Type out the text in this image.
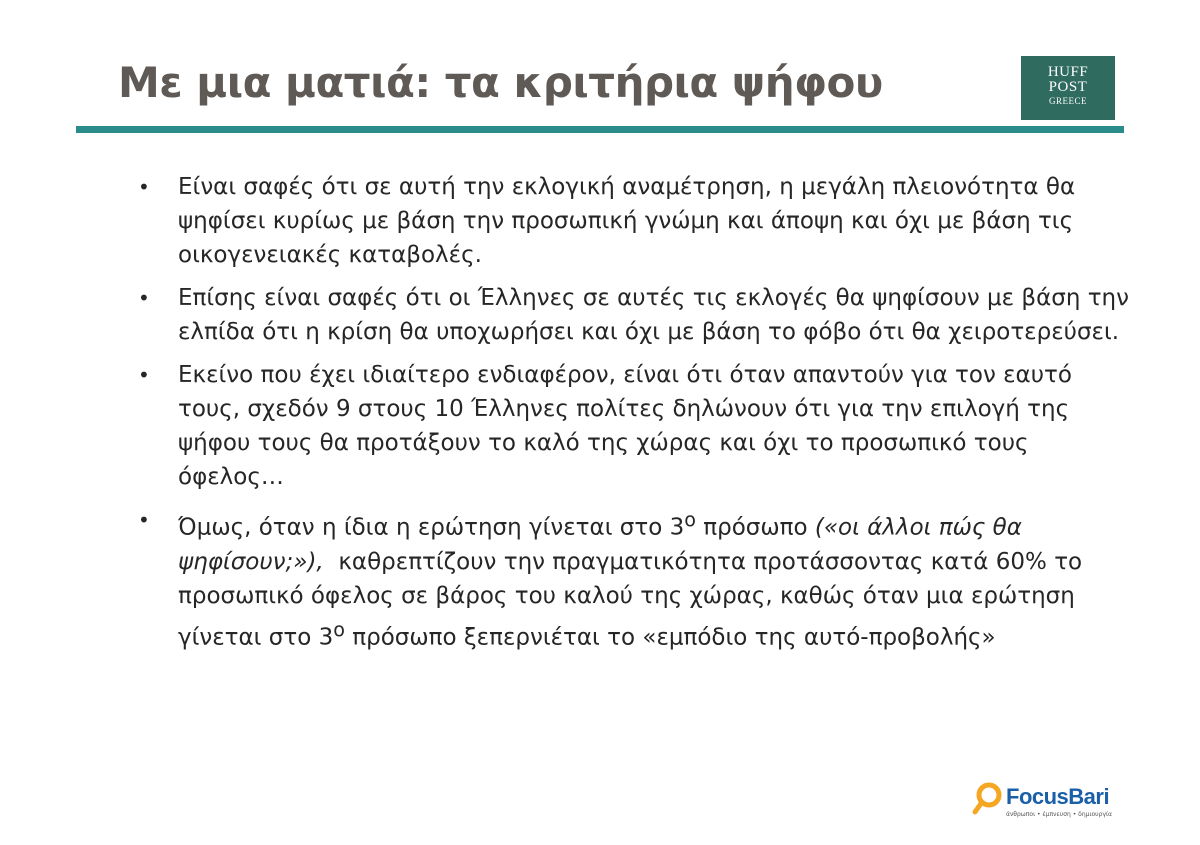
Με μια ματιά: τα κριτήρια ψήφου	HUFF
POST
GREECE
• Είναι σαφές ότι σε αυτή την εκλογική αναμέτρηση, η μεγάλη πλειονότητα θα ψηφίσει κυρίως με βάση την προσωπική γνώμη και άποψη και όχι με βάση τις οικογενειακές καταβολές.
• Επίσης είναι σαφές ότι οι Έλληνες σε αυτές τις εκλογές θα ψηφίσουν με βάση την ελπίδα ότι η κρίση θα υποχωρήσει και όχι με βάση το φόβο ότι θα χειροτερεύσει.
• Εκείνο που έχει ιδιαίτερο ενδιαφέρον, είναι ότι όταν απαντούν για τον εαυτό τους, σχεδόν 9 στους 10 Έλληνες πολίτες δηλώνουν ότι για την επιλογή της ψήφου τους θα προτάξουν το καλό της χώρας και όχι το προσωπικό τους όφελος…
• Όμως, όταν η ίδια η ερώτηση γίνεται στο $3^o$ πρόσωπο («οι άλλοι πώς θα ψηφίσουν;»),  καθρεπτίζουν την πραγματικότητα προτάσσοντας κατά 60% το προσωπικό όφελος σε βάρος του καλού της χώρας, καθώς όταν μια ερώτηση γίνεται στο $3^o$ πρόσωπο ξεπερνιέται το «εμπόδιο της αυτό-προβολής»
FocusBari
άνθρωποι • έμπνευση • δημιουργία
